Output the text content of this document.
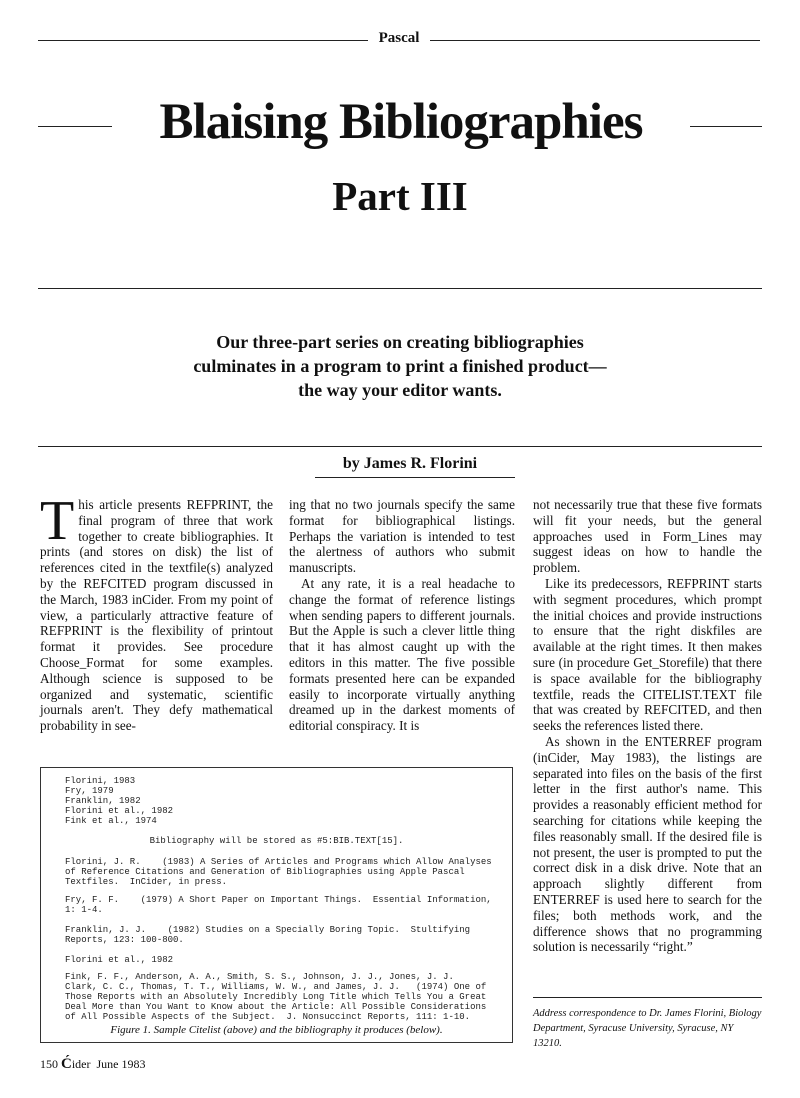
Pascal
Blaising Bibliographies
Part III
Our three-part series on creating bibliographies
culminates in a program to print a finished product—
the way your editor wants.
by James R. Florini

This article presents REFPRINT, the final program of three that work together to create bibliographies. It prints (and stores on disk) the list of references cited in the textfile(s) analyzed by the REFCITED program discussed in the March, 1983 inCider. From my point of view, a particularly attractive feature of REFPRINT is the flexibility of printout format it provides. See procedure Choose_Format for some examples. Although science is supposed to be organized and systematic, scientific journals aren't. They defy mathematical probability in see-

ing that no two journals specify the same format for bibliographical listings. Perhaps the variation is intended to test the alertness of authors who submit manuscripts.

At any rate, it is a real headache to change the format of reference listings when sending papers to different journals. But the Apple is such a clever little thing that it has almost caught up with the editors in this matter. The five possible formats presented here can be expanded easily to incorporate virtually anything dreamed up in the darkest moments of editorial conspiracy. It is

not necessarily true that these five formats will fit your needs, but the general approaches used in Form_Lines may suggest ideas on how to handle the problem.

Like its predecessors, REFPRINT starts with segment procedures, which prompt the initial choices and provide instructions to ensure that the right diskfiles are available at the right times. It then makes sure (in procedure Get_Storefile) that there is space available for the bibliography textfile, reads the CITELIST.TEXT file that was created by REFCITED, and then seeks the references listed there.

As shown in the ENTERREF program (inCider, May 1983), the listings are separated into files on the basis of the first letter in the first author's name. This provides a reasonably efficient method for searching for citations while keeping the files reasonably small. If the desired file is not present, the user is prompted to put the correct disk in a disk drive. Note that an approach slightly different from ENTERREF is used here to search for the files; both methods work, and the difference shows that no programming solution is necessarily “right.”

Florini, 1983
Fry, 1979
Franklin, 1982
Florini et al., 1982
Fink et al., 1974
Bibliography will be stored as #5:BIB.TEXT[15].
Florini, J. R.    (1983) A Series of Articles and Programs which Allow Analyses
of Reference Citations and Generation of Bibliographies using Apple Pascal
Textfiles.  InCider, in press.
Fry, F. F.    (1979) A Short Paper on Important Things.  Essential Information,
1: 1-4.
Franklin, J. J.    (1982) Studies on a Specially Boring Topic.  Stultifying
Reports, 123: 100-800.
Florini et al., 1982
Fink, F. F., Anderson, A. A., Smith, S. S., Johnson, J. J., Jones, J. J.
Clark, C. C., Thomas, T. T., Williams, W. W., and James, J. J.   (1974) One of
Those Reports with an Absolutely Incredibly Long Title which Tells You a Great
Deal More than You Want to Know about the Article: All Possible Considerations
of All Possible Aspects of the Subject.  J. Nonsuccinct Reports, 111: 1-10.
Figure 1. Sample Citelist (above) and the bibliography it produces (below).
Address correspondence to Dr. James Florini, Biology Department, Syracuse University, Syracuse, NY 13210.
150 Ćider June 1983
